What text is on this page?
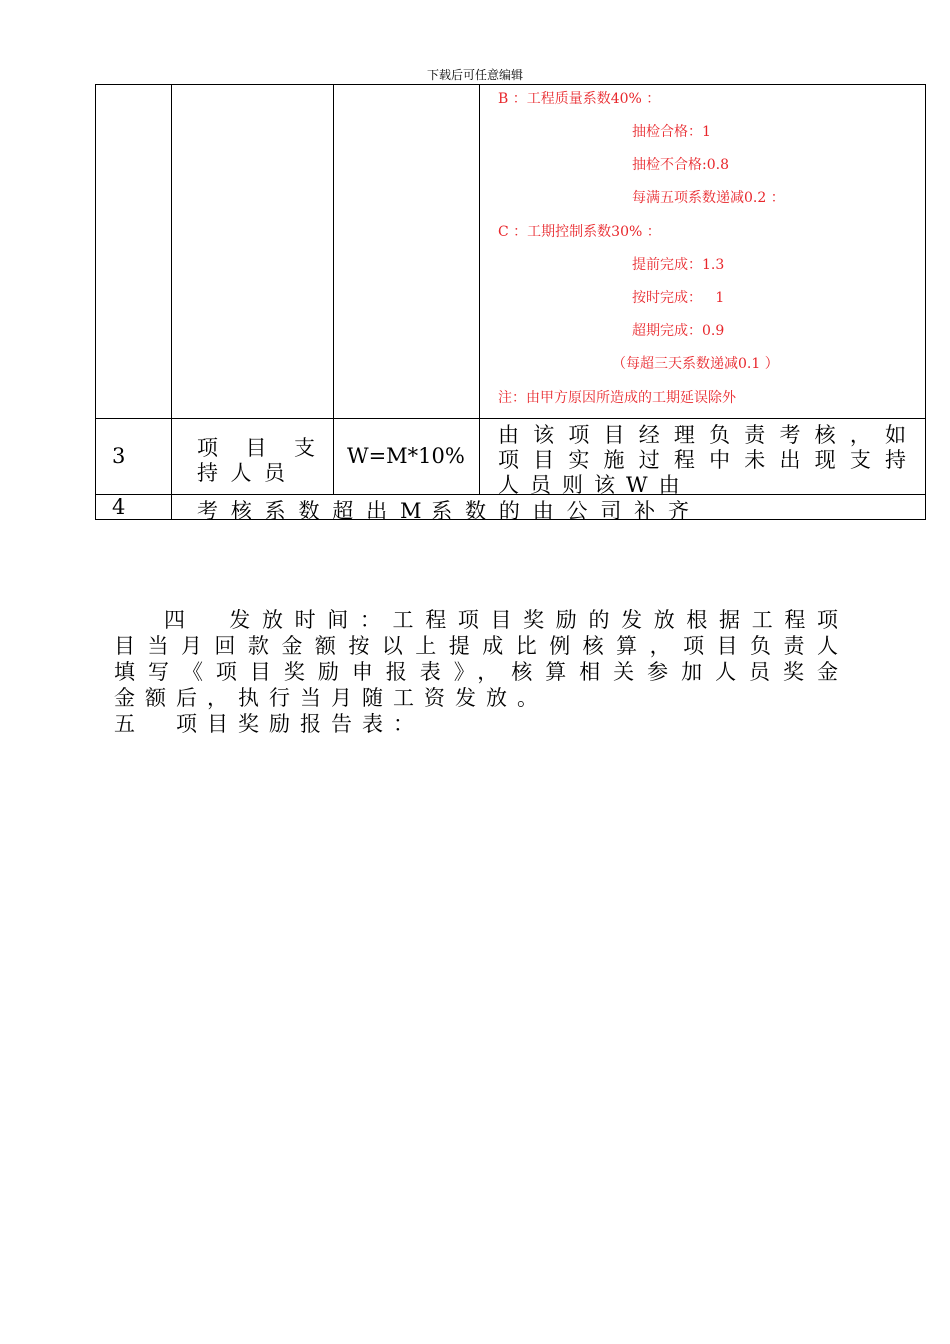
下载后可任意编辑
B ：工程质量系数40% ：
抽检合格：1
抽检不合格:0.8
每满五项系数递减0.2 ：
C ：工期控制系数30% ：
提前完成：1.3
按时完成：   1
超期完成：0.9
（每超三天系数递减0.1 ）
注：由甲方原因所造成的工期延误除外
3	项 目 支
持 人 员
W=M*10%
由该项目经理负责考核，如
项目实施过程中未出现支持
人员则该W由
4	考 核 系 数 超 出 M 系 数 的 由 公 司 补 齐
四　发放时间：工程项目奖励的发放根据工程项
目当月回款金额按以上提成比例核算，项目负责人
填写《项目奖励申报表》，核算相关参加人员奖金
金额后，执行当月随工资发放。
五　项目奖励报告表：
